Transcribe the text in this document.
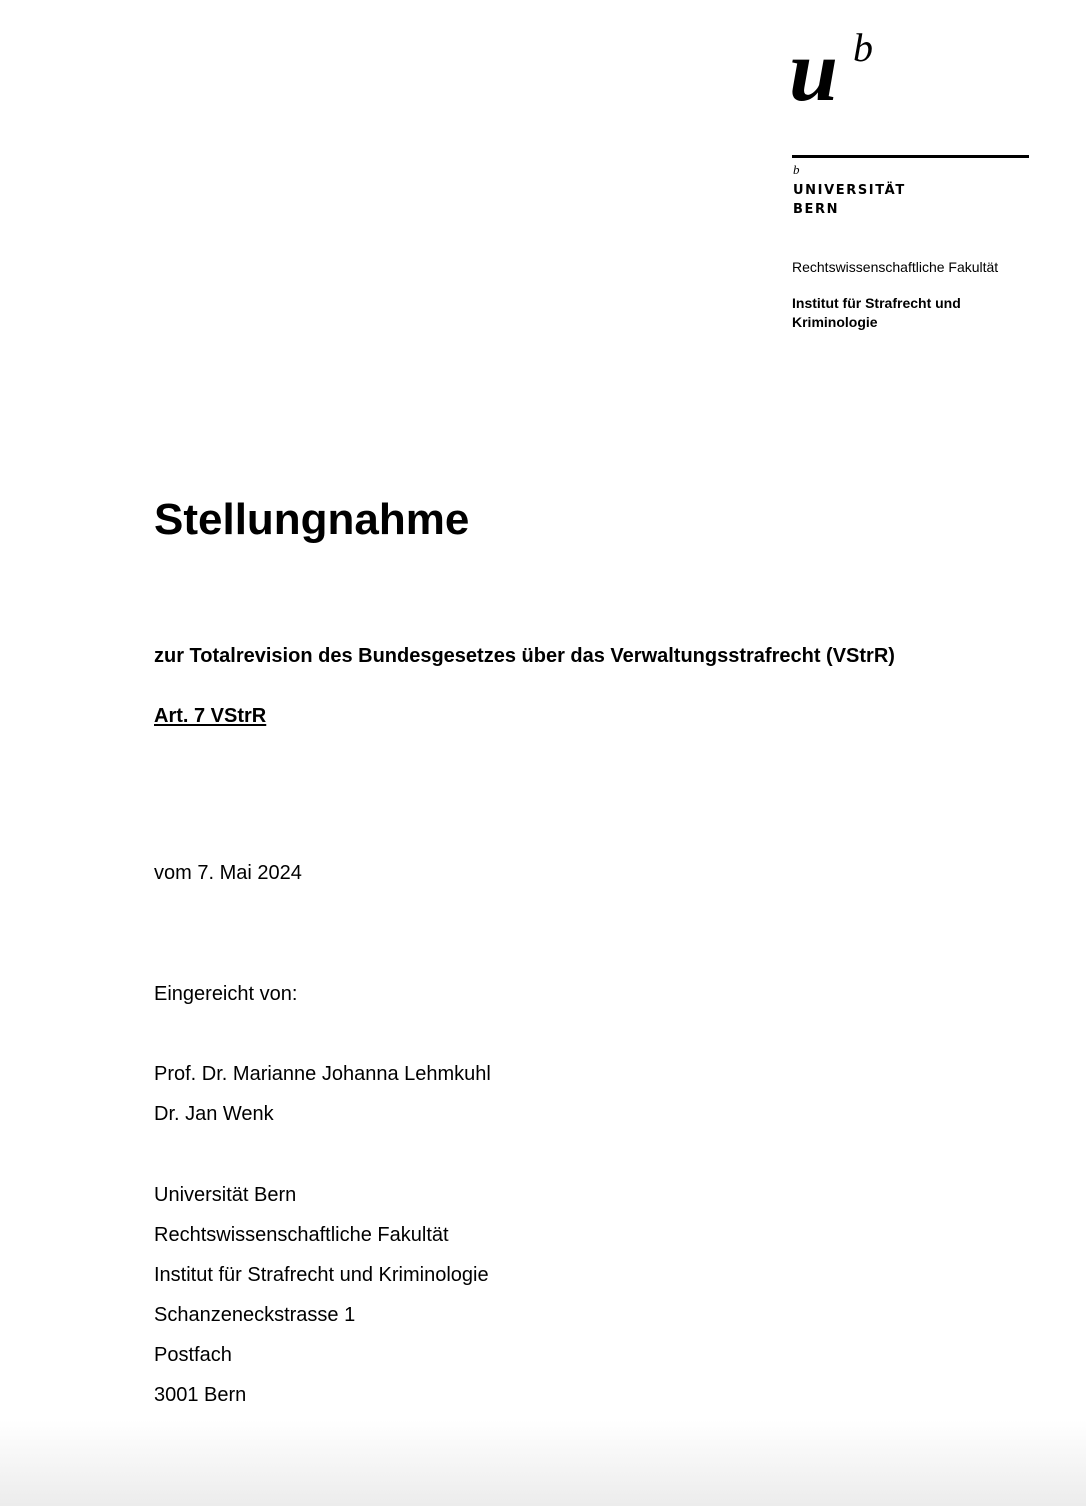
u b
b
UNIVERSITÄT
BERN
Rechtswissenschaftliche Fakultät
Institut für Strafrecht und
Kriminologie
Stellungnahme
zur Totalrevision des Bundesgesetzes über das Verwaltungsstrafrecht (VStrR)
Art. 7 VStrR
vom 7. Mai 2024
Eingereicht von:
Prof. Dr. Marianne Johanna Lehmkuhl
Dr. Jan Wenk
Universität Bern
Rechtswissenschaftliche Fakultät
Institut für Strafrecht und Kriminologie
Schanzeneckstrasse 1
Postfach
3001 Bern
